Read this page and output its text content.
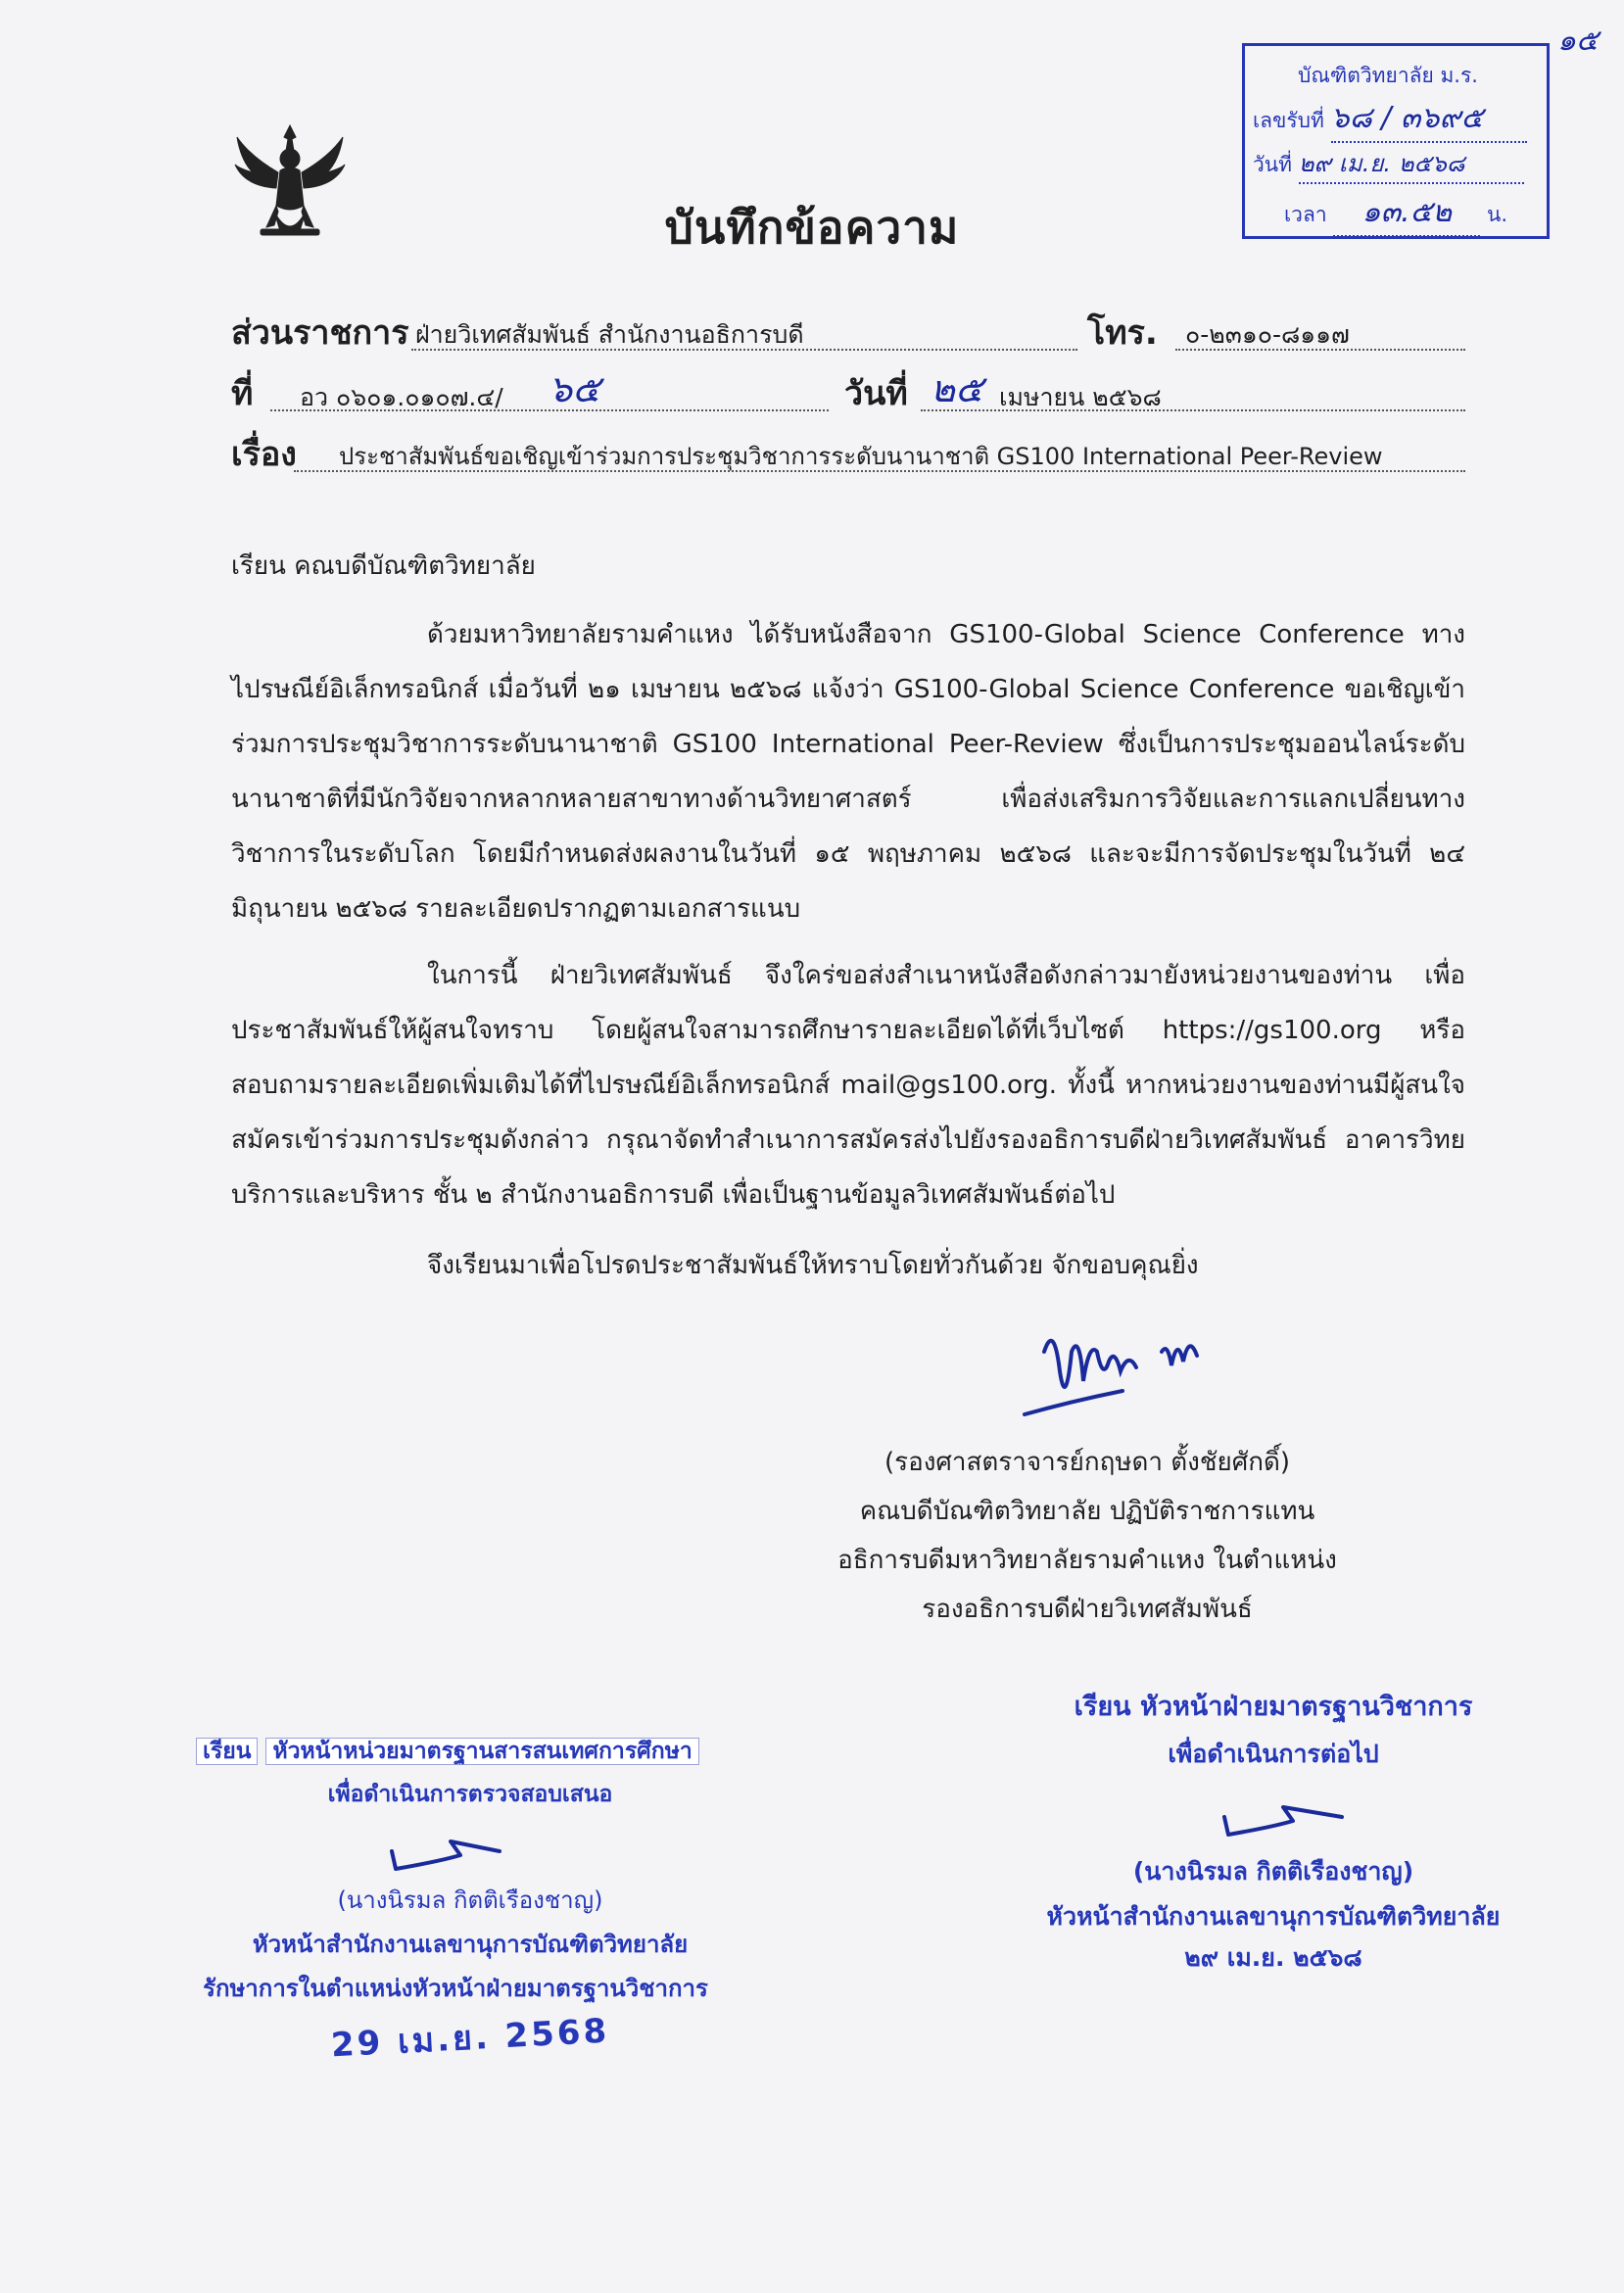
๑๕
บันทึกข้อความ
บัณฑิตวิทยาลัย ม.ร.
เลขรับที่ ๖๘ / ๓๖๙๕
วันที่ ๒๙ เม.ย. ๒๕๖๘
เวลา ๑๓.๕๒ น.
ส่วนราชการ ฝ่ายวิเทศสัมพันธ์ สำนักงานอธิการบดี	โทร. ๐-๒๓๑๐-๘๑๑๗
ที่ อว ๐๖๐๑.๐๑๐๗.๔/ ๖๕	วันที่ ๒๕ เมษายน ๒๕๖๘
เรื่อง ประชาสัมพันธ์ขอเชิญเข้าร่วมการประชุมวิชาการระดับนานาชาติ GS100 International Peer-Review
เรียน คณบดีบัณฑิตวิทยาลัย
ด้วยมหาวิทยาลัยรามคำแหง ได้รับหนังสือจาก GS100-Global Science Conference ทางไปรษณีย์อิเล็กทรอนิกส์ เมื่อวันที่ ๒๑ เมษายน ๒๕๖๘ แจ้งว่า GS100-Global Science Conference ขอเชิญเข้าร่วมการประชุมวิชาการระดับนานาชาติ GS100 International Peer-Review ซึ่งเป็นการประชุมออนไลน์ระดับนานาชาติที่มีนักวิจัยจากหลากหลายสาขาทางด้านวิทยาศาสตร์ เพื่อส่งเสริมการวิจัยและการแลกเปลี่ยนทางวิชาการในระดับโลก โดยมีกำหนดส่งผลงานในวันที่ ๑๕ พฤษภาคม ๒๕๖๘ และจะมีการจัดประชุมในวันที่ ๒๔ มิถุนายน ๒๕๖๘ รายละเอียดปรากฏตามเอกสารแนบ
ในการนี้ ฝ่ายวิเทศสัมพันธ์ จึงใคร่ขอส่งสำเนาหนังสือดังกล่าวมายังหน่วยงานของท่าน เพื่อประชาสัมพันธ์ให้ผู้สนใจทราบ โดยผู้สนใจสามารถศึกษารายละเอียดได้ที่เว็บไซต์ https://gs100.org หรือสอบถามรายละเอียดเพิ่มเติมได้ที่ไปรษณีย์อิเล็กทรอนิกส์ mail@gs100.org. ทั้งนี้ หากหน่วยงานของท่านมีผู้สนใจสมัครเข้าร่วมการประชุมดังกล่าว กรุณาจัดทำสำเนาการสมัครส่งไปยังรองอธิการบดีฝ่ายวิเทศสัมพันธ์ อาคารวิทยบริการและบริหาร ชั้น ๒ สำนักงานอธิการบดี เพื่อเป็นฐานข้อมูลวิเทศสัมพันธ์ต่อไป
จึงเรียนมาเพื่อโปรดประชาสัมพันธ์ให้ทราบโดยทั่วกันด้วย จักขอบคุณยิ่ง
(รองศาสตราจารย์กฤษดา ตั้งชัยศักดิ์)
คณบดีบัณฑิตวิทยาลัย ปฏิบัติราชการแทน
อธิการบดีมหาวิทยาลัยรามคำแหง ในตำแหน่ง
รองอธิการบดีฝ่ายวิเทศสัมพันธ์
เรียน หัวหน้าหน่วยมาตรฐานสารสนเทศการศึกษา
เพื่อดำเนินการตรวจสอบเสนอ
(นางนิรมล กิตติเรืองชาญ)
หัวหน้าสำนักงานเลขานุการบัณฑิตวิทยาลัย
รักษาการในตำแหน่งหัวหน้าฝ่ายมาตรฐานวิชาการ
29 เม.ย. 2568
เรียน หัวหน้าฝ่ายมาตรฐานวิชาการ
เพื่อดำเนินการต่อไป
(นางนิรมล กิตติเรืองชาญ)
หัวหน้าสำนักงานเลขานุการบัณฑิตวิทยาลัย
๒๙ เม.ย. ๒๕๖๘
